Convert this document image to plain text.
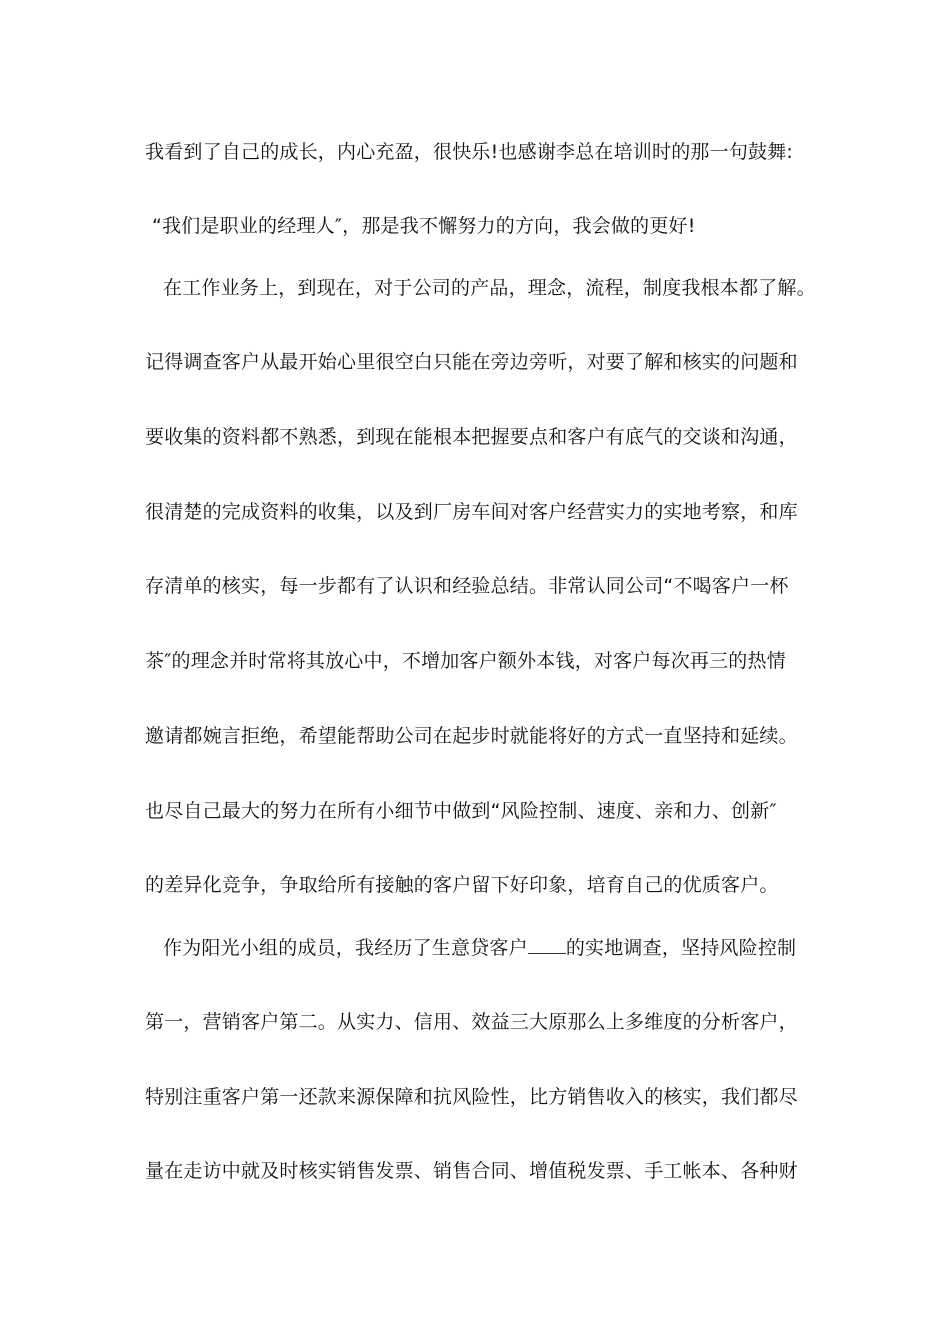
我看到了自己的成长，内心充盈，很快乐!也感谢李总在培训时的那一句鼓舞:
“我们是职业的经理人″，那是我不懈努力的方向，我会做的更好!
在工作业务上，到现在，对于公司的产品，理念，流程，制度我根本都了解。
记得调查客户从最开始心里很空白只能在旁边旁听，对要了解和核实的问题和
要收集的资料都不熟悉，到现在能根本把握要点和客户有底气的交谈和沟通，
很清楚的完成资料的收集，以及到厂房车间对客户经营实力的实地考察，和库
存清单的核实，每一步都有了认识和经验总结。非常认同公司“不喝客户一杯
茶″的理念并时常将其放心中，不增加客户额外本钱，对客户每次再三的热情
邀请都婉言拒绝，希望能帮助公司在起步时就能将好的方式一直坚持和延续。
也尽自己最大的努力在所有小细节中做到“风险控制、速度、亲和力、创新″
的差异化竞争，争取给所有接触的客户留下好印象，培育自己的优质客户。
作为阳光小组的成员，我经历了生意贷客户 的实地调查，坚持风险控制
第一，营销客户第二。从实力、信用、效益三大原那么上多维度的分析客户，
特别注重客户第一还款来源保障和抗风险性，比方销售收入的核实，我们都尽
量在走访中就及时核实销售发票、销售合同、增值税发票、手工帐本、各种财
